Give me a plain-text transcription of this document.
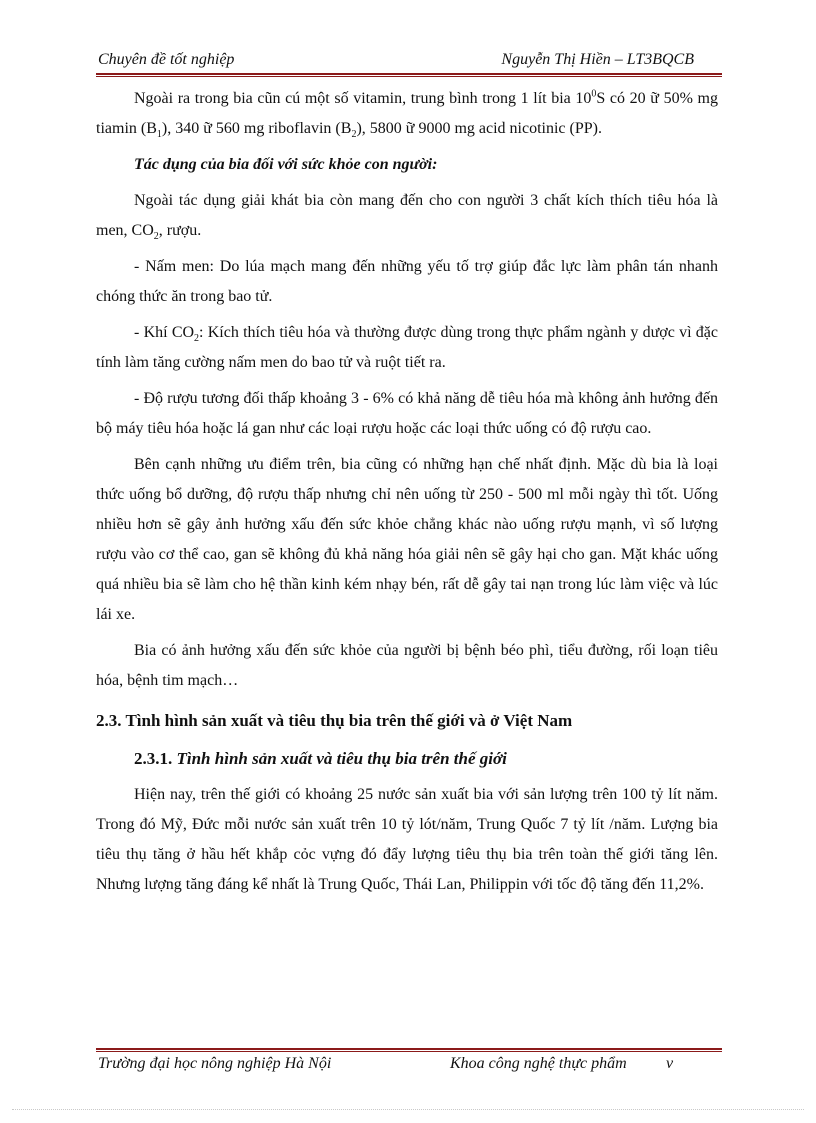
Chuyên đề tốt nghiệp	Nguyễn Thị Hiền – LT3BQCB

Ngoài ra trong bia cũn cú một số vitamin, trung bình trong 1 lít bia $10^0S$ có 20 ữ 50% mg tiamin $(B_1)$, 340 ữ 560 mg riboflavin $(B_2)$, 5800 ữ 9000 mg acid nicotinic (PP).

Tác dụng của bia đối với sức khỏe con người:

Ngoài tác dụng giải khát bia còn mang đến cho con người 3 chất kích thích tiêu hóa là men, $CO_2$, rượu.

- Nấm men: Do lúa mạch mang đến những yếu tố trợ giúp đắc lực làm phân tán nhanh chóng thức ăn trong bao tử.

- Khí $CO_2$: Kích thích tiêu hóa và thường được dùng trong thực phẩm ngành y dược vì đặc tính làm tăng cường nấm men do bao tử và ruột tiết ra.

- Độ rượu tương đối thấp khoảng 3 - 6% có khả năng dễ tiêu hóa mà không ảnh hưởng đến bộ máy tiêu hóa hoặc lá gan như các loại rượu hoặc các loại thức uống có độ rượu cao.

Bên cạnh những ưu điểm trên, bia cũng có những hạn chế nhất định. Mặc dù bia là loại thức uống bổ dưỡng, độ rượu thấp nhưng chỉ nên uống từ 250 - 500 ml mỗi ngày thì tốt. Uống nhiều hơn sẽ gây ảnh hưởng xấu đến sức khỏe chẳng khác nào uống rượu mạnh, vì số lượng rượu vào cơ thể cao, gan sẽ không đủ khả năng hóa giải nên sẽ gây hại cho gan. Mặt khác uống quá nhiều bia sẽ làm cho hệ thần kinh kém nhạy bén, rất dễ gây tai nạn trong lúc làm việc và lúc lái xe.

Bia có ảnh hưởng xấu đến sức khỏe của người bị bệnh béo phì, tiểu đường, rối loạn tiêu hóa, bệnh tim mạch…

2.3. Tình hình sản xuất và tiêu thụ bia trên thế giới và ở Việt Nam
2.3.1. Tình hình sản xuất và tiêu thụ bia trên thế giới

Hiện nay, trên thế giới có khoảng 25 nước sản xuất bia với sản lượng trên 100 tỷ lít năm. Trong đó Mỹ, Đức mỗi nước sản xuất trên 10 tỷ lót/năm, Trung Quốc 7 tỷ lít /năm. Lượng bia tiêu thụ tăng ở hầu hết khắp cỏc vựng đó đẩy lượng tiêu thụ bia trên toàn thế giới tăng lên. Nhưng lượng tăng đáng kể nhất là Trung Quốc, Thái Lan, Philippin với tốc độ tăng đến 11,2%.

Trường đại học nông nghiệp Hà Nội	Khoa công nghệ thực phẩm v
